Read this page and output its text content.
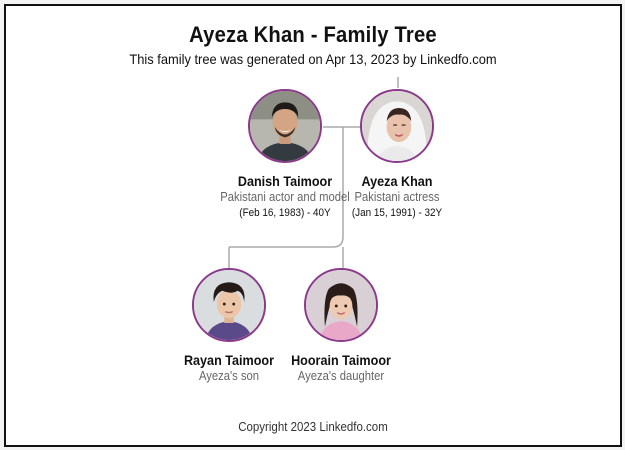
Ayeza Khan - Family Tree
This family tree was generated on Apr 13, 2023 by Linkedfo.com
Danish Taimoor
Pakistani actor and model
(Feb 16, 1983) - 40Y
Ayeza Khan
Pakistani actress
(Jan 15, 1991) - 32Y
Rayan Taimoor
Ayeza's son
Hoorain Taimoor
Ayeza's daughter
Copyright 2023 Linkedfo.com
